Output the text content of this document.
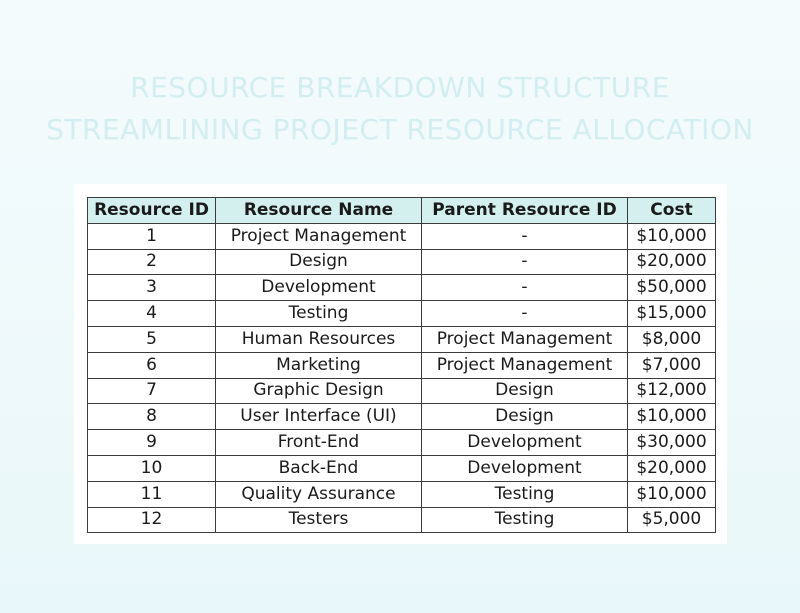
RESOURCE BREAKDOWN STRUCTURE
STREAMLINING PROJECT RESOURCE ALLOCATION
Resource ID	Resource Name	Parent Resource ID	Cost
1	Project Management	-	$10,000
2	Design	-	$20,000
3	Development	-	$50,000
4	Testing	-	$15,000
5	Human Resources	Project Management	$8,000
6	Marketing	Project Management	$7,000
7	Graphic Design	Design	$12,000
8	User Interface (UI)	Design	$10,000
9	Front-End	Development	$30,000
10	Back-End	Development	$20,000
11	Quality Assurance	Testing	$10,000
12	Testers	Testing	$5,000
